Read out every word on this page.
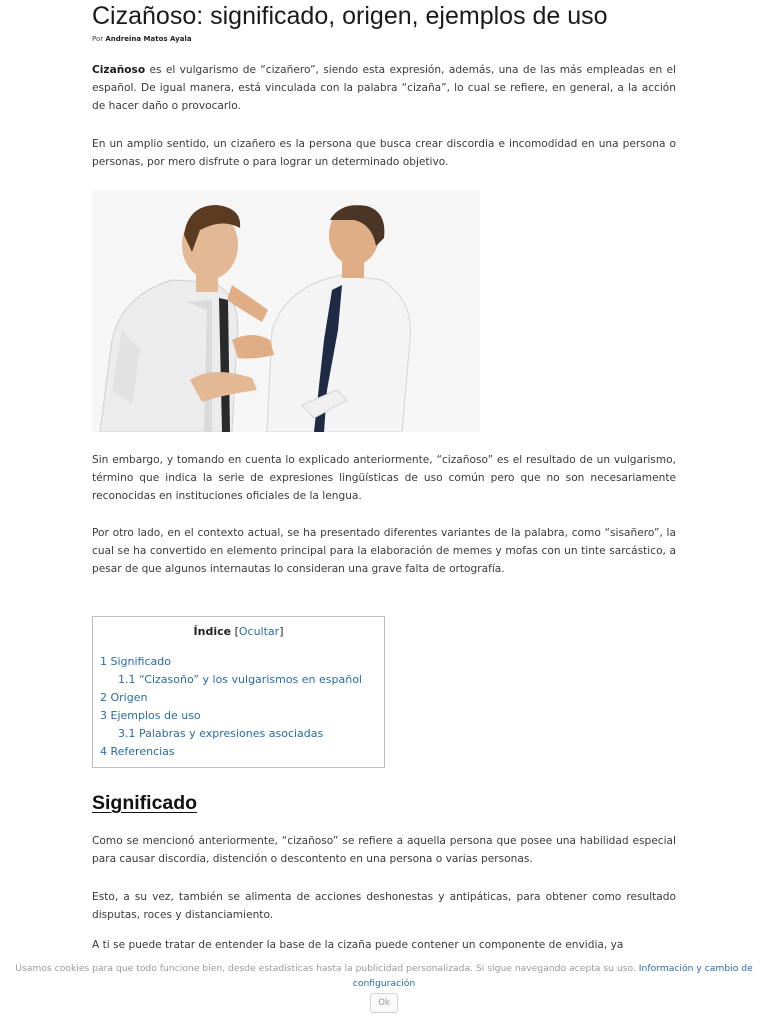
Cizañoso: significado, origen, ejemplos de uso
Por Andreina Matos Ayala

Cizañoso es el vulgarismo de “cizañero”, siendo esta expresión, además, una de las más empleadas en el español. De igual manera, está vinculada con la palabra “cizaña”, lo cual se refiere, en general, a la acción de hacer daño o provocarlo.

En un amplio sentido, un cizañero es la persona que busca crear discordia e incomodidad en una persona o personas, por mero disfrute o para lograr un determinado objetivo.

Sin embargo, y tomando en cuenta lo explicado anteriormente, “cizañoso” es el resultado de un vulgarismo, término que indica la serie de expresiones lingüísticas de uso común pero que no son necesariamente reconocidas en instituciones oficiales de la lengua.

Por otro lado, en el contexto actual, se ha presentado diferentes variantes de la palabra, como “sisañero”, la cual se ha convertido en elemento principal para la elaboración de memes y mofas con un tinte sarcástico, a pesar de que algunos internautas lo consideran una grave falta de ortografía.

Índice [Ocultar]
1 Significado
1.1 “Cizasoño” y los vulgarismos en español
2 Origen
3 Ejemplos de uso
3.1 Palabras y expresiones asociadas
4 Referencias
Significado

Como se mencionó anteriormente, “cizañoso” se refiere a aquella persona que posee una habilidad especial para causar discordia, distención o descontento en una persona o varias personas.

Esto, a su vez, también se alimenta de acciones deshonestas y antipáticas, para obtener como resultado disputas, roces y distanciamiento.

A ti se puede tratar de entender la base de la cizaña puede contener un componente de envidia, ya

Usamos cookies para que todo funcione bien, desde estadísticas hasta la publicidad personalizada. Si sigue navegando acepta su uso. Información y cambio de configuración
Ok
